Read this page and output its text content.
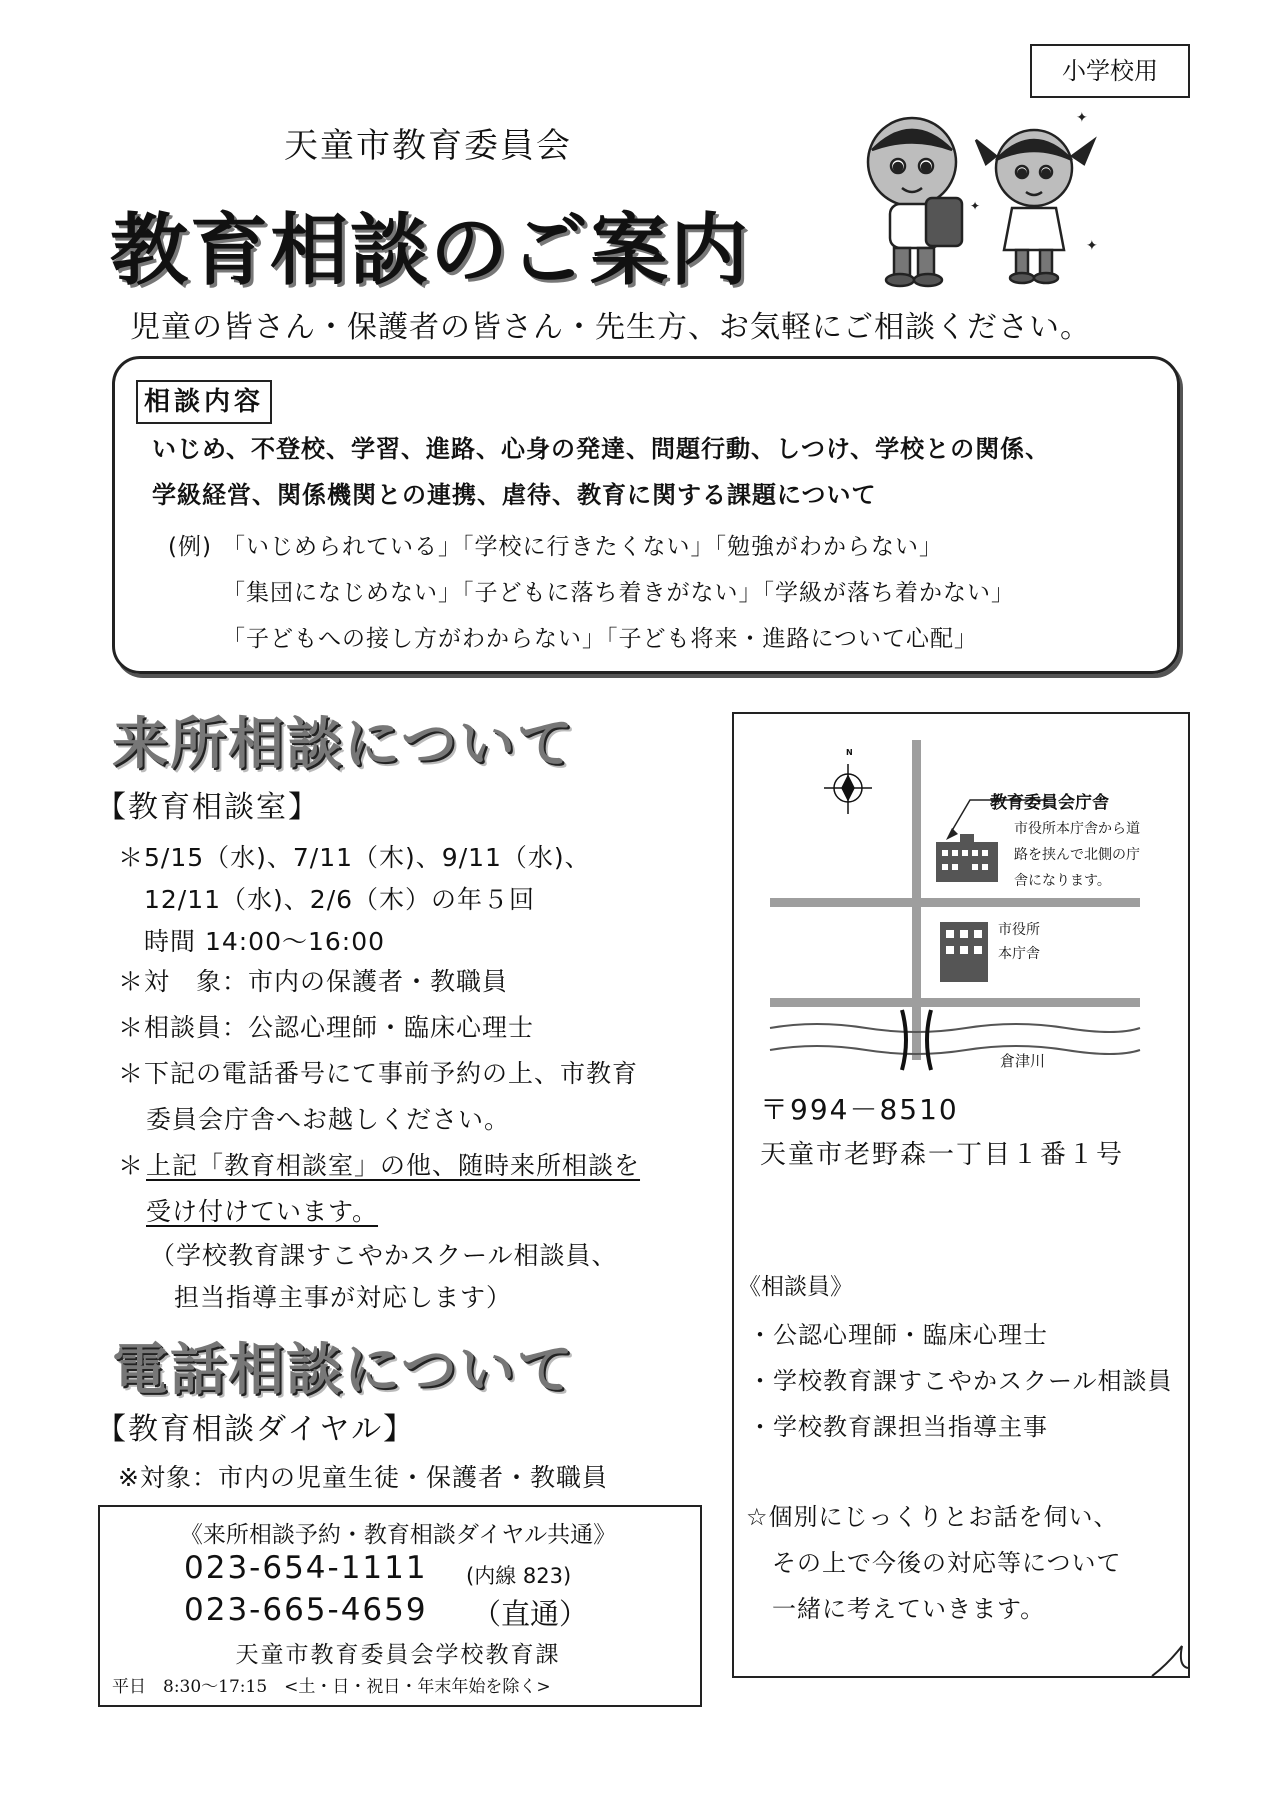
小学校用
天童市教育委員会
教育相談のご案内
✦
✦
✦
児童の皆さん・保護者の皆さん・先生方、お気軽にご相談ください。
相談内容
いじめ、不登校、学習、進路、心身の発達、問題行動、しつけ、学校との関係、
学級経営、関係機関との連携、虐待、教育に関する課題について
(例) 「いじめられている」「学校に行きたくない」「勉強がわからない」
「集団になじめない」「子どもに落ち着きがない」「学級が落ち着かない」
「子どもへの接し方がわからない」「子ども将来・進路について心配」
来所相談について
【教育相談室】
＊5/15（水)、7/11（木)、9/11（水)、
12/11（水)、2/6（木）の年５回
時間 14:00～16:00
＊対　象：市内の保護者・教職員
＊相談員：公認心理師・臨床心理士
＊下記の電話番号にて事前予約の上、市教育
委員会庁舎へお越しください。
＊ 上記「教育相談室」の他、随時来所相談を
受け付けています。
（学校教育課すこやかスクール相談員、
担当指導主事が対応します）
電話相談について
【教育相談ダイヤル】
※対象：市内の児童生徒・保護者・教職員
《来所相談予約・教育相談ダイヤル共通》
023-654-1111 (内線 823)
023-665-4659 （直通）
天童市教育委員会学校教育課
平日　8:30～17:15　<土・日・祝日・年末年始を除く>
N
教育委員会庁舎
市役所本庁舎から道
路を挟んで北側の庁
舎になります。
市役所
本庁舎
倉津川
〒994－8510
天童市老野森一丁目１番１号
《相談員》
・公認心理師・臨床心理士
・学校教育課すこやかスクール相談員
・学校教育課担当指導主事
☆個別にじっくりとお話を伺い、
その上で今後の対応等について
一緒に考えていきます。
